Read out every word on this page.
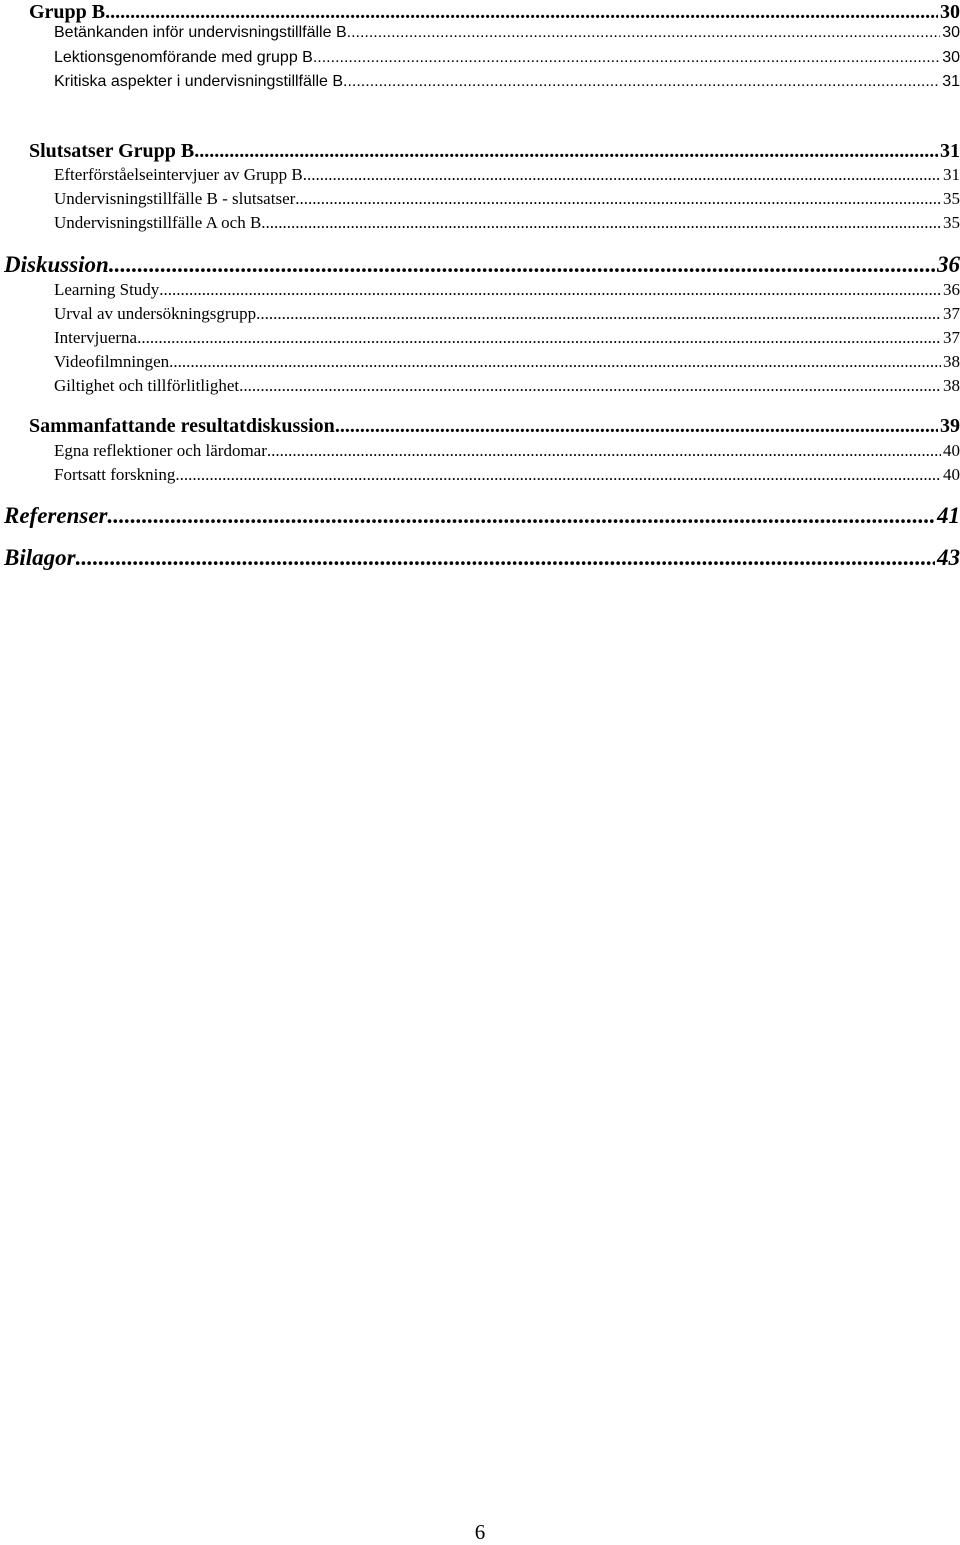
Grupp B .....	30
Betänkanden inför undervisningstillfälle B .....	30
Lektionsgenomförande med grupp B .....	30
Kritiska aspekter i undervisningstillfälle B .....	31
Slutsatser Grupp B .....	31
Efterförståelseintervjuer av Grupp B .....	31
Undervisningstillfälle B - slutsatser .....	35
Undervisningstillfälle A och B .....	35
Diskussion .....	36
Learning Study .....	36
Urval av undersökningsgrupp .....	37
Intervjuerna .....	37
Videofilmningen .....	38
Giltighet och tillförlitlighet .....	38
Sammanfattande resultatdiskussion .....	39
Egna reflektioner och lärdomar .....	40
Fortsatt forskning .....	40
Referenser .....	41
Bilagor .....	43
6
